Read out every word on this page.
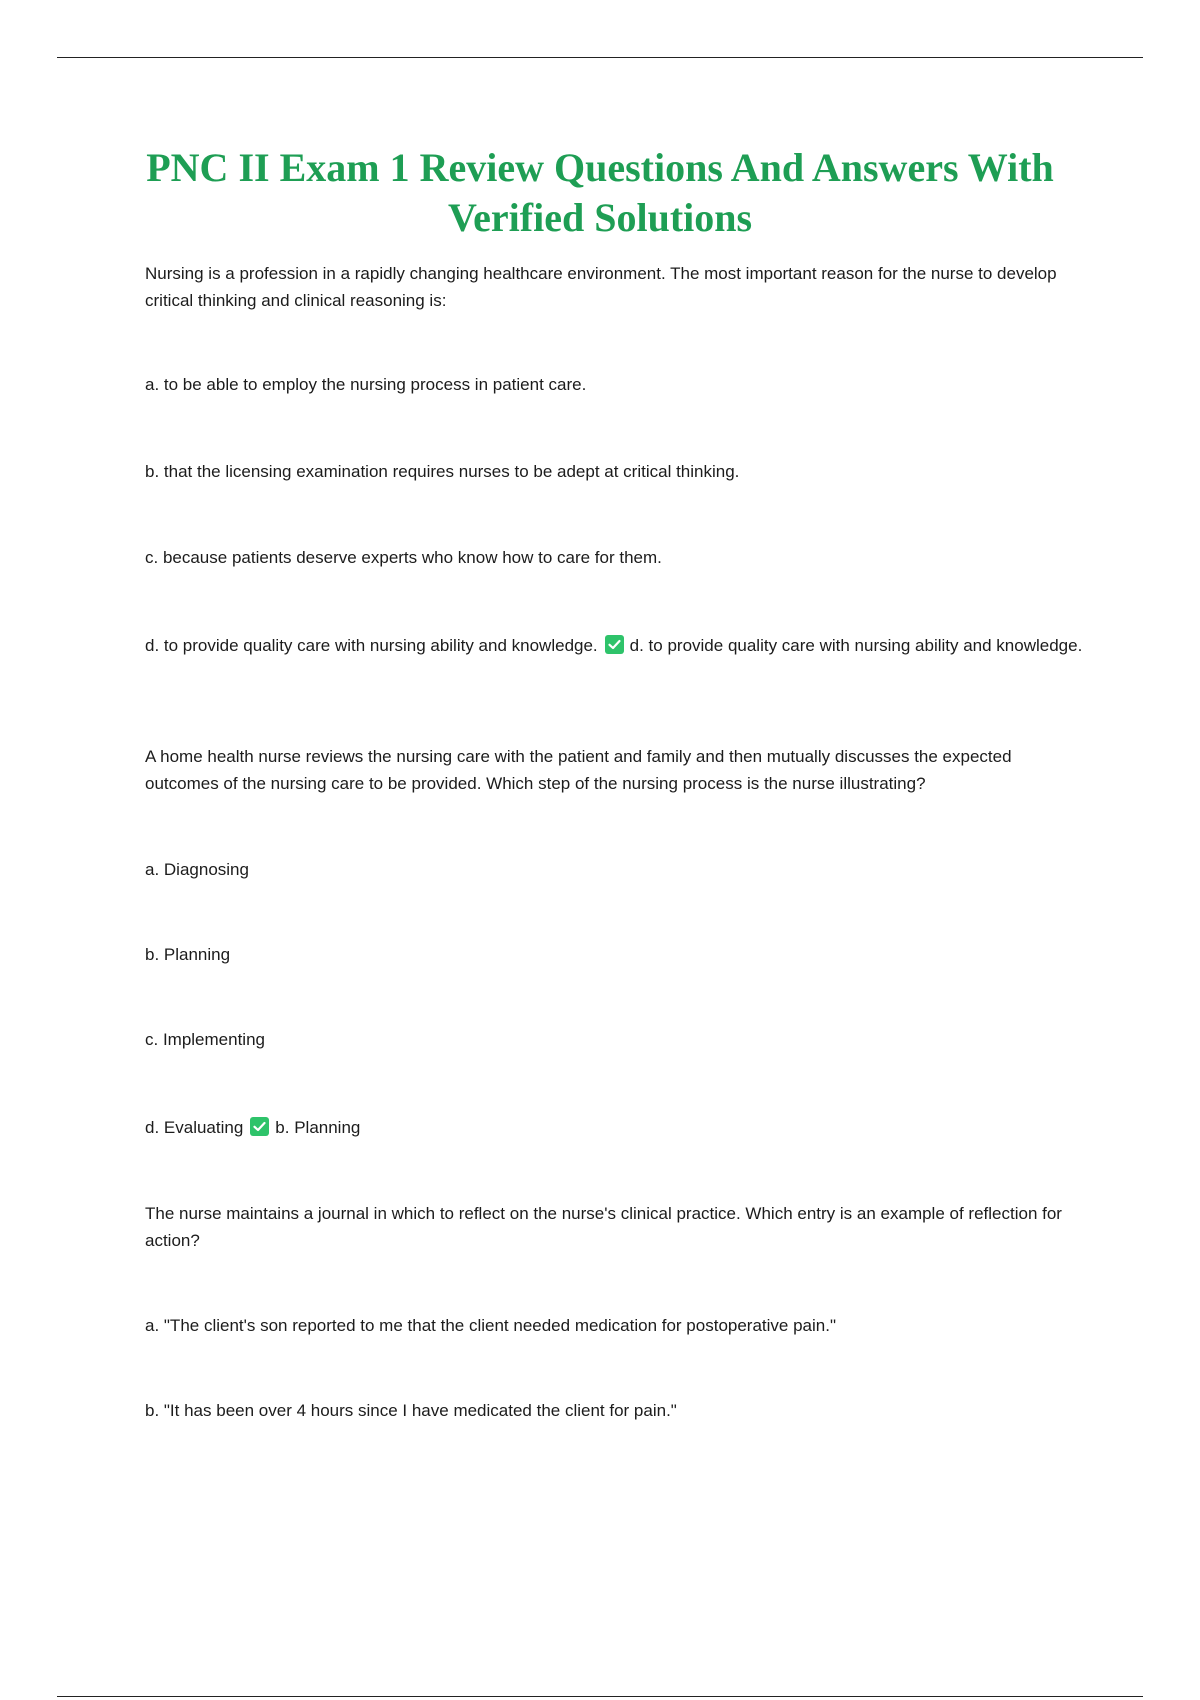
PNC II Exam 1 Review Questions And Answers With Verified Solutions

Nursing is a profession in a rapidly changing healthcare environment. The most important reason for the nurse to develop critical thinking and clinical reasoning is:

a. to be able to employ the nursing process in patient care.

b. that the licensing examination requires nurses to be adept at critical thinking.

c. because patients deserve experts who know how to care for them.

d. to provide quality care with nursing ability and knowledge. d. to provide quality care with nursing ability and knowledge.

A home health nurse reviews the nursing care with the patient and family and then mutually discusses the expected outcomes of the nursing care to be provided. Which step of the nursing process is the nurse illustrating?

a. Diagnosing

b. Planning

c. Implementing

d. Evaluating b. Planning

The nurse maintains a journal in which to reflect on the nurse's clinical practice. Which entry is an example of reflection for action?

a. "The client's son reported to me that the client needed medication for postoperative pain."

b. "It has been over 4 hours since I have medicated the client for pain."
